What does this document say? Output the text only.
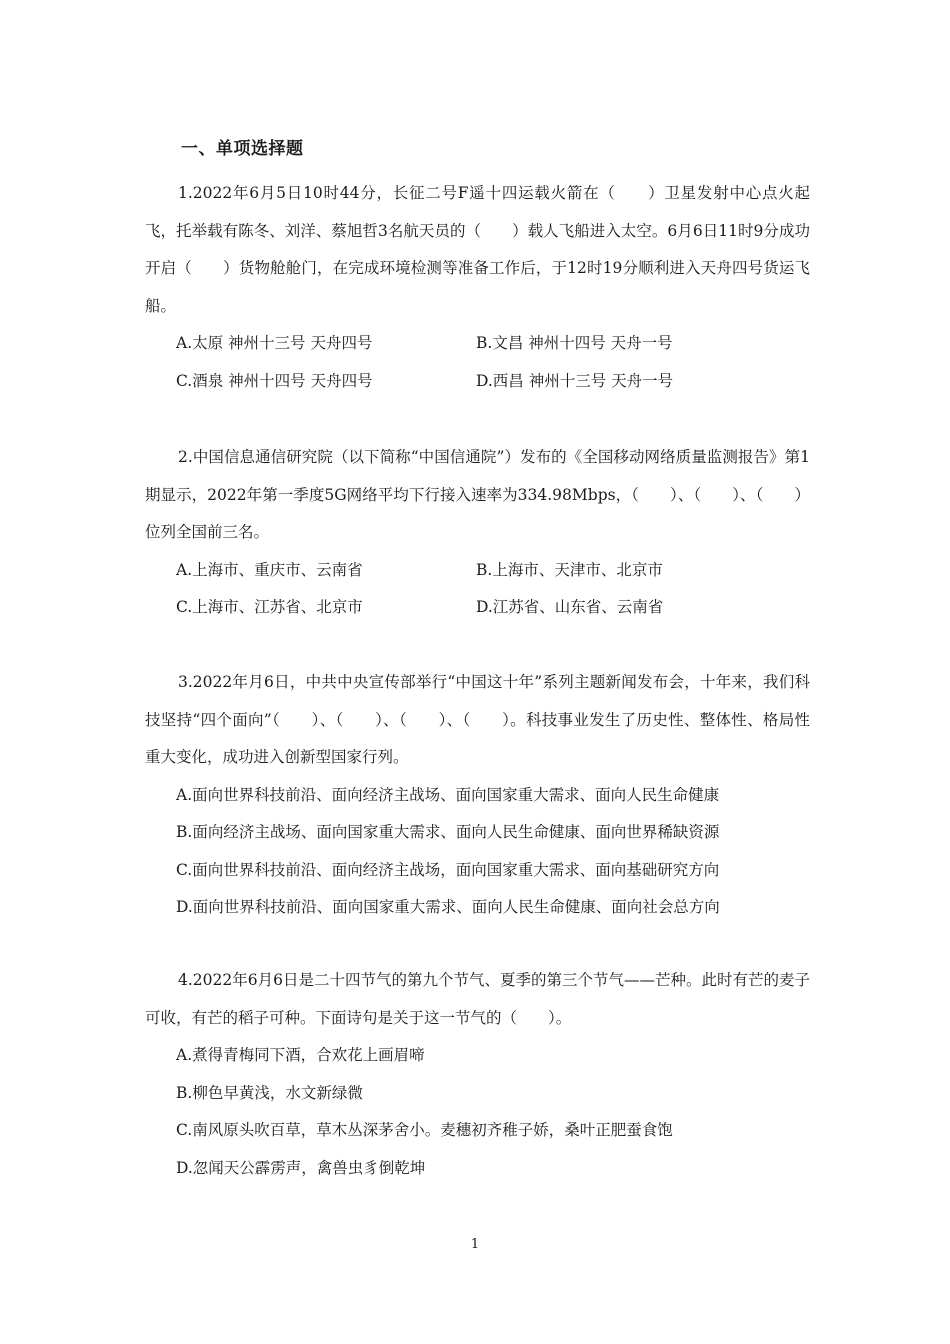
一、单项选择题

1.2022年6月5日10时44分，长征二号F遥十四运载火箭在（　　）卫星发射中心点火起飞，托举载有陈冬、刘洋、蔡旭哲3名航天员的（　　）载人飞船进入太空。6月6日11时9分成功开启（　　）货物舱舱门，在完成环境检测等准备工作后，于12时19分顺利进入天舟四号货运飞船。

A.太原 神州十三号 天舟四号	B.文昌 神州十四号 天舟一号
C.酒泉 神州十四号 天舟四号	D.西昌 神州十三号 天舟一号

2.中国信息通信研究院（以下简称“中国信通院”）发布的《全国移动网络质量监测报告》第1期显示，2022年第一季度5G网络平均下行接入速率为334.98Mbps，（　　）、（　　）、（　　）位列全国前三名。

A.上海市、重庆市、云南省	B.上海市、天津市、北京市
C.上海市、江苏省、北京市	D.江苏省、山东省、云南省

3.2022年月6日，中共中央宣传部举行“中国这十年”系列主题新闻发布会，十年来，我们科技坚持“四个面向”（　　）、（　　）、（　　）、（　　）。科技事业发生了历史性、整体性、格局性重大变化，成功进入创新型国家行列。

A.面向世界科技前沿、面向经济主战场、面向国家重大需求、面向人民生命健康
B.面向经济主战场、面向国家重大需求、面向人民生命健康、面向世界稀缺资源
C.面向世界科技前沿、面向经济主战场，面向国家重大需求、面向基础研究方向
D.面向世界科技前沿、面向国家重大需求、面向人民生命健康、面向社会总方向

4.2022年6月6日是二十四节气的第九个节气、夏季的第三个节气——芒种。此时有芒的麦子可收，有芒的稻子可种。下面诗句是关于这一节气的（　　）。

A.煮得青梅同下酒，合欢花上画眉啼
B.柳色早黄浅，水文新绿微
C.南风原头吹百草，草木丛深茅舍小。麦穗初齐稚子娇，桑叶正肥蚕食饱
D.忽闻天公霹雳声，禽兽虫豸倒乾坤
1
